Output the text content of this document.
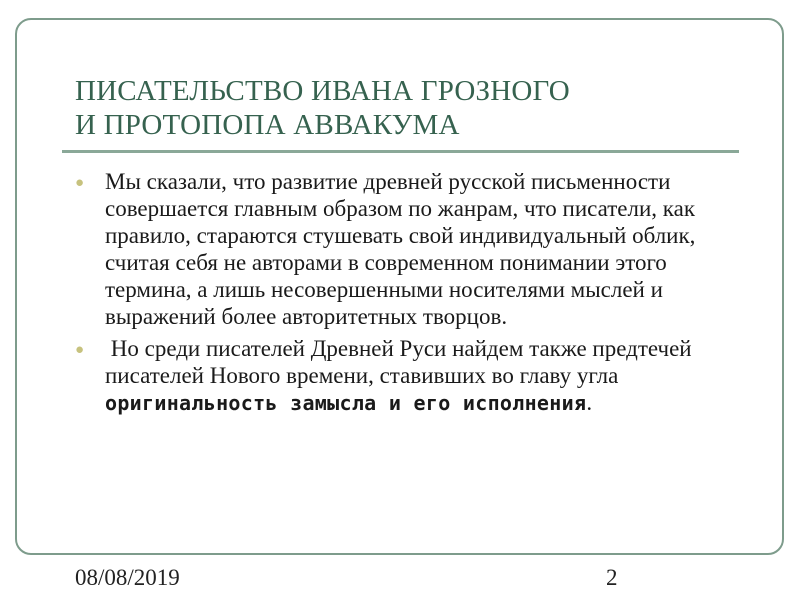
ПИСАТЕЛЬСТВО ИВАНА ГРОЗНОГО
И ПРОТОПОПА АВВАКУМА
● Мы сказали, что развитие древней русской письменности совершается главным образом по жанрам, что писатели, как правило, стараются стушевать свой индивидуальный облик, считая себя не авторами в современном понимании этого термина, а лишь несовершенными носителями мыслей и выражений более авторитетных творцов.
● Но среди писателей Древней Руси найдем также предтечей писателей Нового времени, ставивших во главу угла оригинальность замысла и его исполнения.
08/08/2019	2
